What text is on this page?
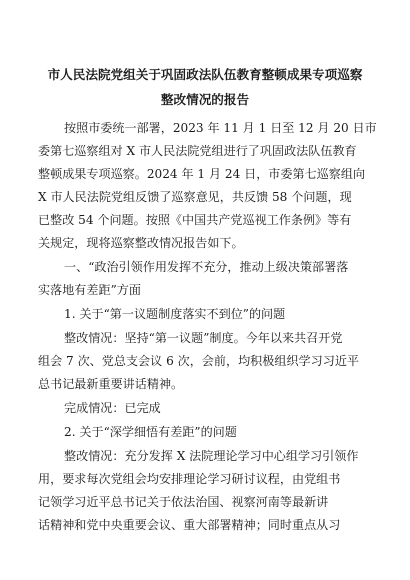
市人民法院党组关于巩固政法队伍教育整顿成果专项巡察
整改情况的报告
按照市委统一部署，2023 年 11 月 1 日至 12 月 20 日市
委第七巡察组对 X 市人民法院党组进行了巩固政法队伍教育
整顿成果专项巡察。2024 年 1 月 24 日，市委第七巡察组向
X 市人民法院党组反馈了巡察意见，共反馈 58 个问题，现
已整改 54 个问题。按照《中国共产党巡视工作条例》等有
关规定，现将巡察整改情况报告如下。
一、“政治引领作用发挥不充分，推动上级决策部署落
实落地有差距”方面
1. 关于“第一议题制度落实不到位”的问题
整改情况：坚持“第一议题”制度。今年以来共召开党
组会 7 次、党总支会议 6 次，会前，均积极组织学习习近平
总书记最新重要讲话精神。
完成情况：已完成
2. 关于“深学细悟有差距”的问题
整改情况：充分发挥 X 法院理论学习中心组学习引领作
用，要求每次党组会均安排理论学习研讨议程，由党组书
记领学习近平总书记关于依法治国、视察河南等最新讲
话精神和党中央重要会议、重大部署精神；同时重点从习
